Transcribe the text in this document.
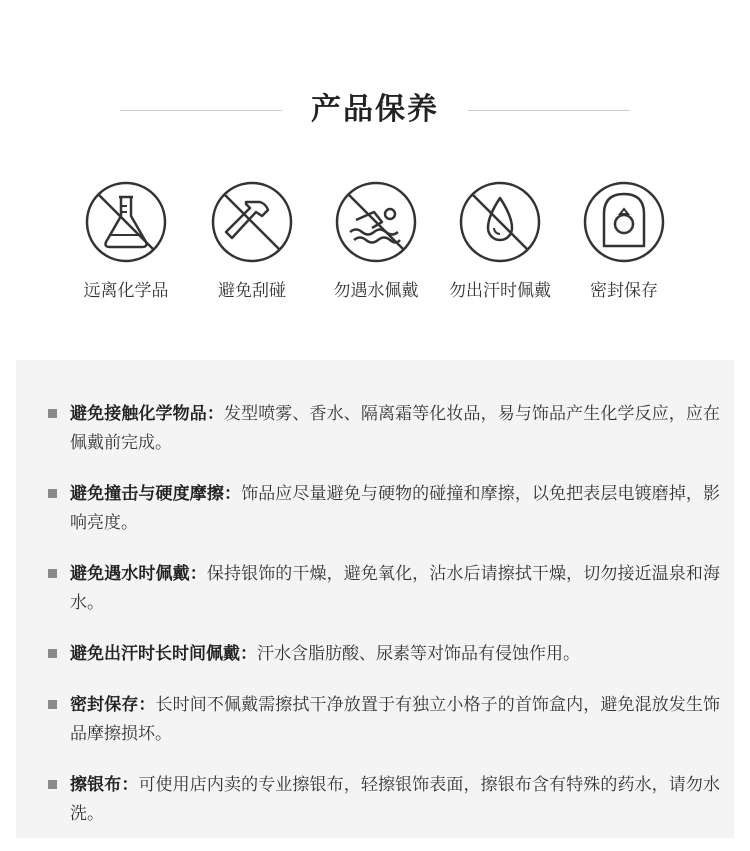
产品保养
远离化学品	避免刮碰	勿遇水佩戴	勿出汗时佩戴	密封保存

避免接触化学物品：发型喷雾、香水、隔离霜等化妆品，易与饰品产生化学反应，应在佩戴前完成。

避免撞击与硬度摩擦：饰品应尽量避免与硬物的碰撞和摩擦，以免把表层电镀磨掉，影响亮度。

避免遇水时佩戴：保持银饰的干燥，避免氧化，沾水后请擦拭干燥，切勿接近温泉和海水。

避免出汗时长时间佩戴：汗水含脂肪酸、尿素等对饰品有侵蚀作用。

密封保存：长时间不佩戴需擦拭干净放置于有独立小格子的首饰盒内，避免混放发生饰品摩擦损坏。

擦银布：可使用店内卖的专业擦银布，轻擦银饰表面，擦银布含有特殊的药水，请勿水洗。
